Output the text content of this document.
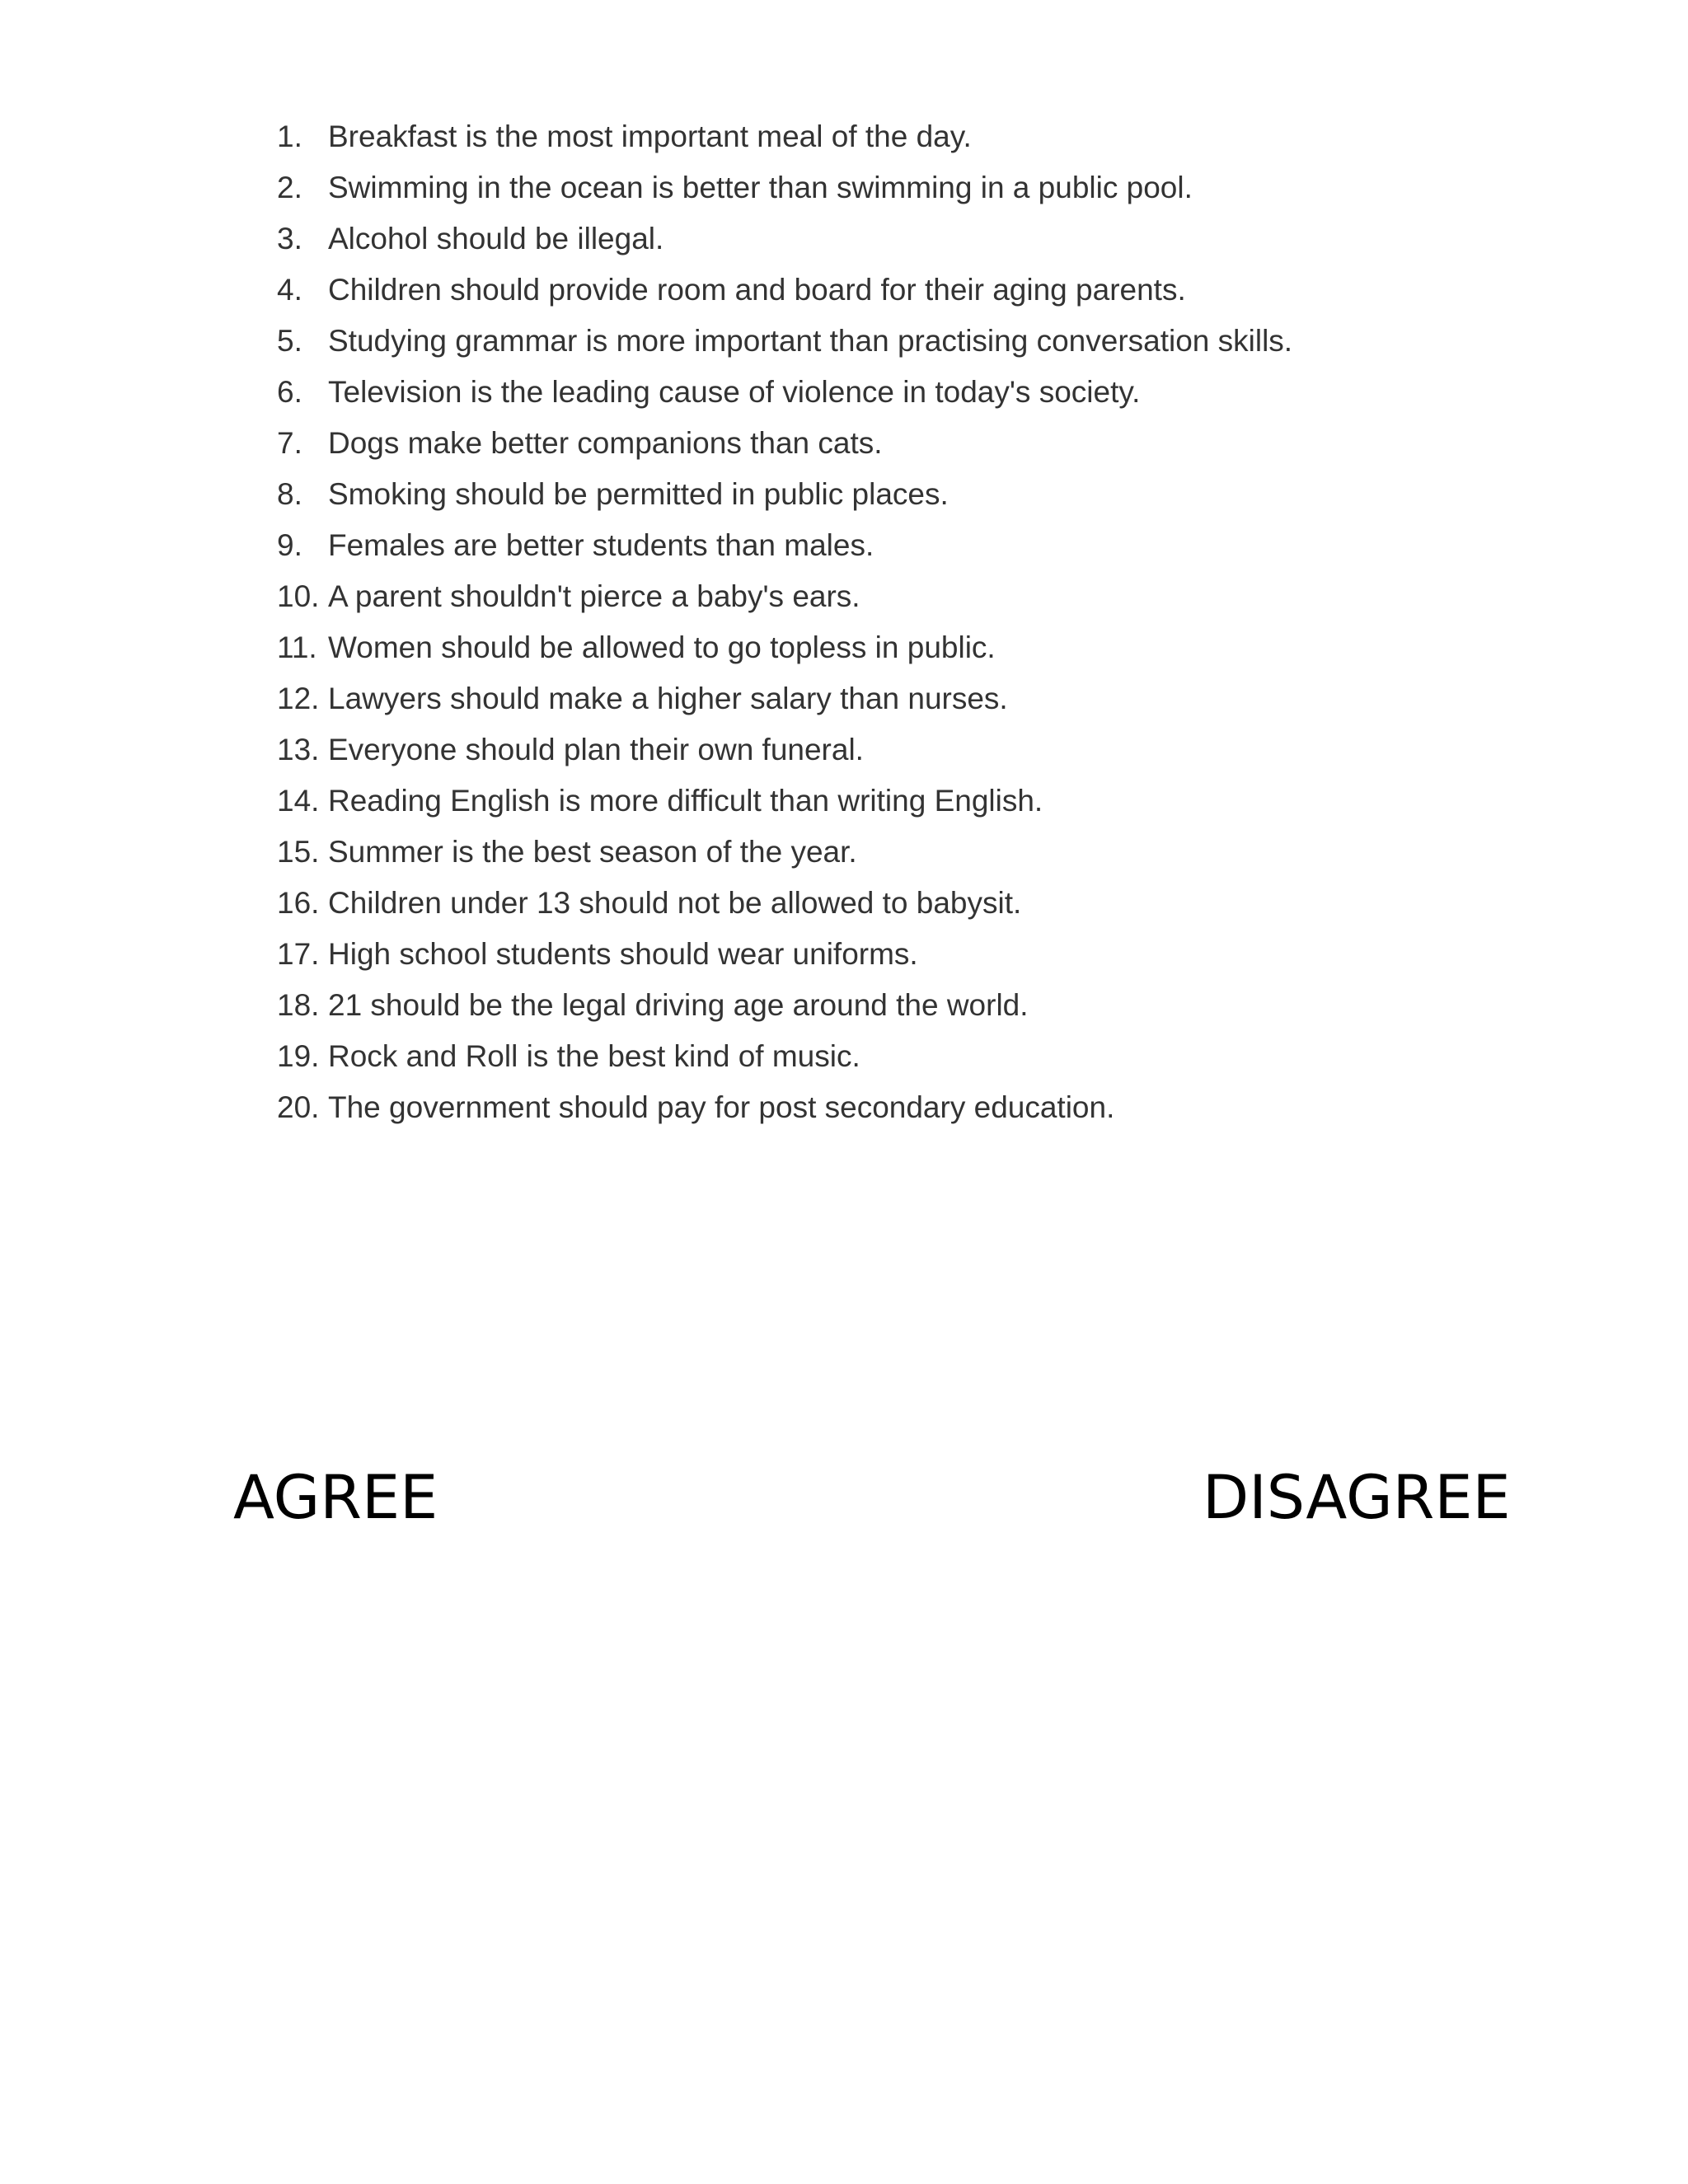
1. Breakfast is the most important meal of the day.
2. Swimming in the ocean is better than swimming in a public pool.
3. Alcohol should be illegal.
4. Children should provide room and board for their aging parents.
5. Studying grammar is more important than practising conversation skills.
6. Television is the leading cause of violence in today's society.
7. Dogs make better companions than cats.
8. Smoking should be permitted in public places.
9. Females are better students than males.
10. A parent shouldn't pierce a baby's ears.
11. Women should be allowed to go topless in public.
12. Lawyers should make a higher salary than nurses.
13. Everyone should plan their own funeral.
14. Reading English is more difficult than writing English.
15. Summer is the best season of the year.
16. Children under 13 should not be allowed to babysit.
17. High school students should wear uniforms.
18. 21 should be the legal driving age around the world.
19. Rock and Roll is the best kind of music.
20. The government should pay for post secondary education.
AGREE	DISAGREE
